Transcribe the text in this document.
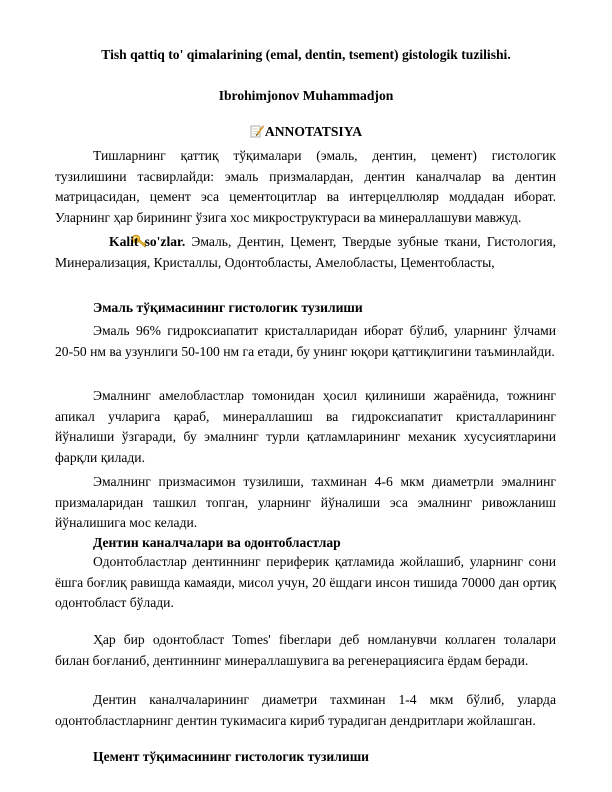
Tish qattiq to' qimalarining (emal, dentin, tsement) gistologik tuzilishi.
Ibrohimjonov Muhammadjon
ANNOTATSIYA

Тишларнинг қаттиқ тўқималари (эмаль, дентин, цемент) гистологик тузилишини тасвирлайди: эмаль призмалардан, дентин каналчалар ва дентин матрицасидан, цемент эса цементоцитлар ва интерцеллюляр моддадан иборат. Уларнинг ҳар бирининг ўзига хос микроструктураси ва минераллашуви мавжуд.

Kalit so'zlar. Эмаль, Дентин, Цемент, Твердые зубные ткани, Гистология, Минерализация, Кристаллы, Одонтобласты, Амелобласты, Цементобласты,

Эмаль тўқимасининг гистологик тузилиши

Эмаль 96% гидроксиапатит кристалларидан иборат бўлиб, уларнинг ўлчами 20-50 нм ва узунлиги 50-100 нм га етади, бу унинг юқори қаттиқлигини таъминлайди.

Эмалнинг амелобластлар томонидан ҳосил қилиниши жараёнида, тожнинг апикал учларига қараб, минераллашиш ва гидроксиапатит кристалларининг йўналиши ўзгаради, бу эмалнинг турли қатламларининг механик хусусиятларини фарқли қилади.

Эмалнинг призмасимон тузилиши, тахминан 4-6 мкм диаметрли эмалнинг призмаларидан ташкил топган, уларнинг йўналиши эса эмалнинг ривожланиш йўналишига мос келади.

Дентин каналчалари ва одонтобластлар

Одонтобластлар дентиннинг периферик қатламида жойлашиб, уларнинг сони ёшга боғлиқ равишда камаяди, мисол учун, 20 ёшдаги инсон тишида 70000 дан ортиқ одонтобласт бўлади.

Ҳар бир одонтобласт Tomes' fiberлари деб номланувчи коллаген толалари билан боғланиб, дентиннинг минераллашувига ва регенерациясига ёрдам беради.

Дентин каналчаларининг диаметри тахминан 1-4 мкм бўлиб, уларда одонтобластларнинг дентин тукимасига кириб турадиган дендритлари жойлашган.

Цемент тўқимасининг гистологик тузилиши
